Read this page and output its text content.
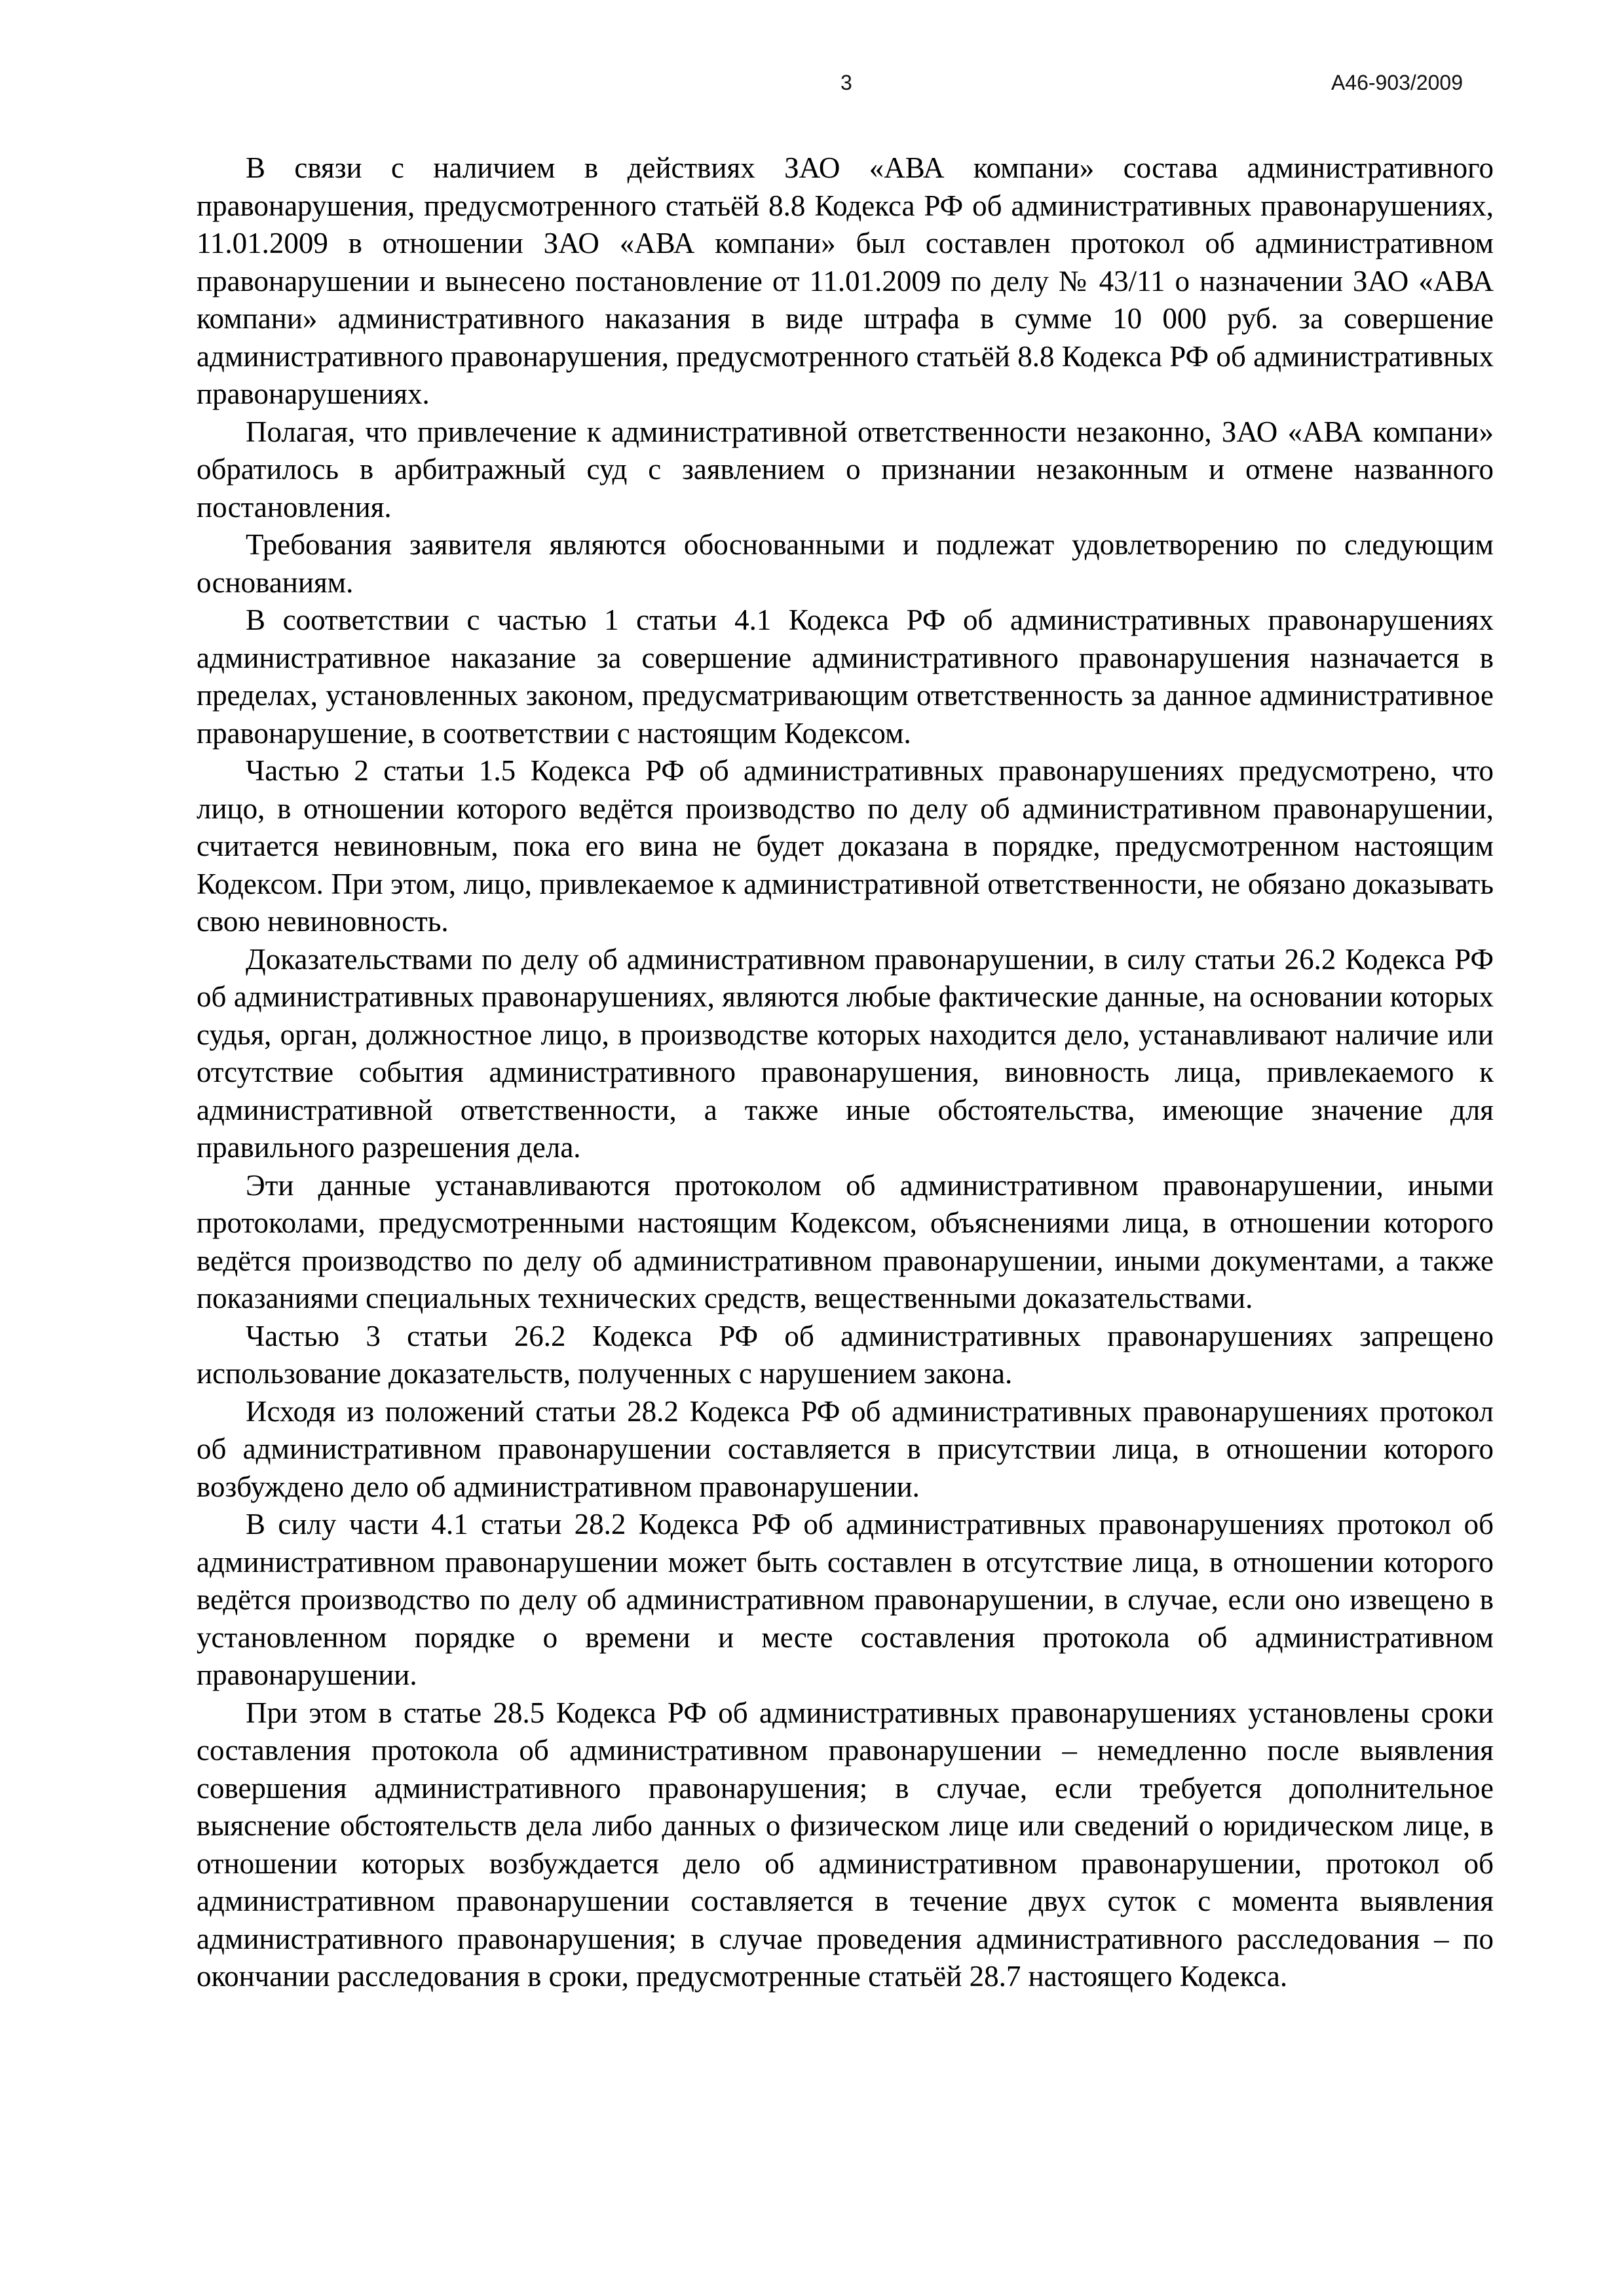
3	А46-903/2009

В связи с наличием в действиях ЗАО «АВА компани» состава административного правонарушения, предусмотренного статьёй 8.8 Кодекса РФ об административных правонарушениях, 11.01.2009 в отношении ЗАО «АВА компани» был составлен протокол об административном правонарушении и вынесено постановление от 11.01.2009 по делу № 43/11 о назначении ЗАО «АВА компани» административного наказания в виде штрафа в сумме 10 000 руб. за совершение административного правонарушения, предусмотренного статьёй 8.8 Кодекса РФ об административных правонарушениях.

Полагая, что привлечение к административной ответственности незаконно, ЗАО «АВА компани» обратилось в арбитражный суд с заявлением о признании незаконным и отмене названного постановления.

Требования заявителя являются обоснованными и подлежат удовлетворению по следующим основаниям.

В соответствии с частью 1 статьи 4.1 Кодекса РФ об административных правонарушениях административное наказание за совершение административного правонарушения назначается в пределах, установленных законом, предусматривающим ответственность за данное административное правонарушение, в соответствии с настоящим Кодексом.

Частью 2 статьи 1.5 Кодекса РФ об административных правонарушениях предусмотрено, что лицо, в отношении которого ведётся производство по делу об административном правонарушении, считается невиновным, пока его вина не будет доказана в порядке, предусмотренном настоящим Кодексом. При этом, лицо, привлекаемое к административной ответственности, не обязано доказывать свою невиновность.

Доказательствами по делу об административном правонарушении, в силу статьи 26.2 Кодекса РФ об административных правонарушениях, являются любые фактические данные, на основании которых судья, орган, должностное лицо, в производстве которых находится дело, устанавливают наличие или отсутствие события административного правонарушения, виновность лица, привлекаемого к административной ответственности, а также иные обстоятельства, имеющие значение для правильного разрешения дела.

Эти данные устанавливаются протоколом об административном правонарушении, иными протоколами, предусмотренными настоящим Кодексом, объяснениями лица, в отношении которого ведётся производство по делу об административном правонарушении, иными документами, а также показаниями специальных технических средств, вещественными доказательствами.

Частью 3 статьи 26.2 Кодекса РФ об административных правонарушениях запрещено использование доказательств, полученных с нарушением закона.

Исходя из положений статьи 28.2 Кодекса РФ об административных правонарушениях протокол об административном правонарушении составляется в присутствии лица, в отношении которого возбуждено дело об административном правонарушении.

В силу части 4.1 статьи 28.2 Кодекса РФ об административных правонарушениях протокол об административном правонарушении может быть составлен в отсутствие лица, в отношении которого ведётся производство по делу об административном правонарушении, в случае, если оно извещено в установленном порядке о времени и месте составления протокола об административном правонарушении.

При этом в статье 28.5 Кодекса РФ об административных правонарушениях установлены сроки составления протокола об административном правонарушении – немедленно после выявления совершения административного правонарушения; в случае, если требуется дополнительное выяснение обстоятельств дела либо данных о физическом лице или сведений о юридическом лице, в отношении которых возбуждается дело об административном правонарушении, протокол об административном правонарушении составляется в течение двух суток с момента выявления административного правонарушения; в случае проведения административного расследования – по окончании расследования в сроки, предусмотренные статьёй 28.7 настоящего Кодекса.
